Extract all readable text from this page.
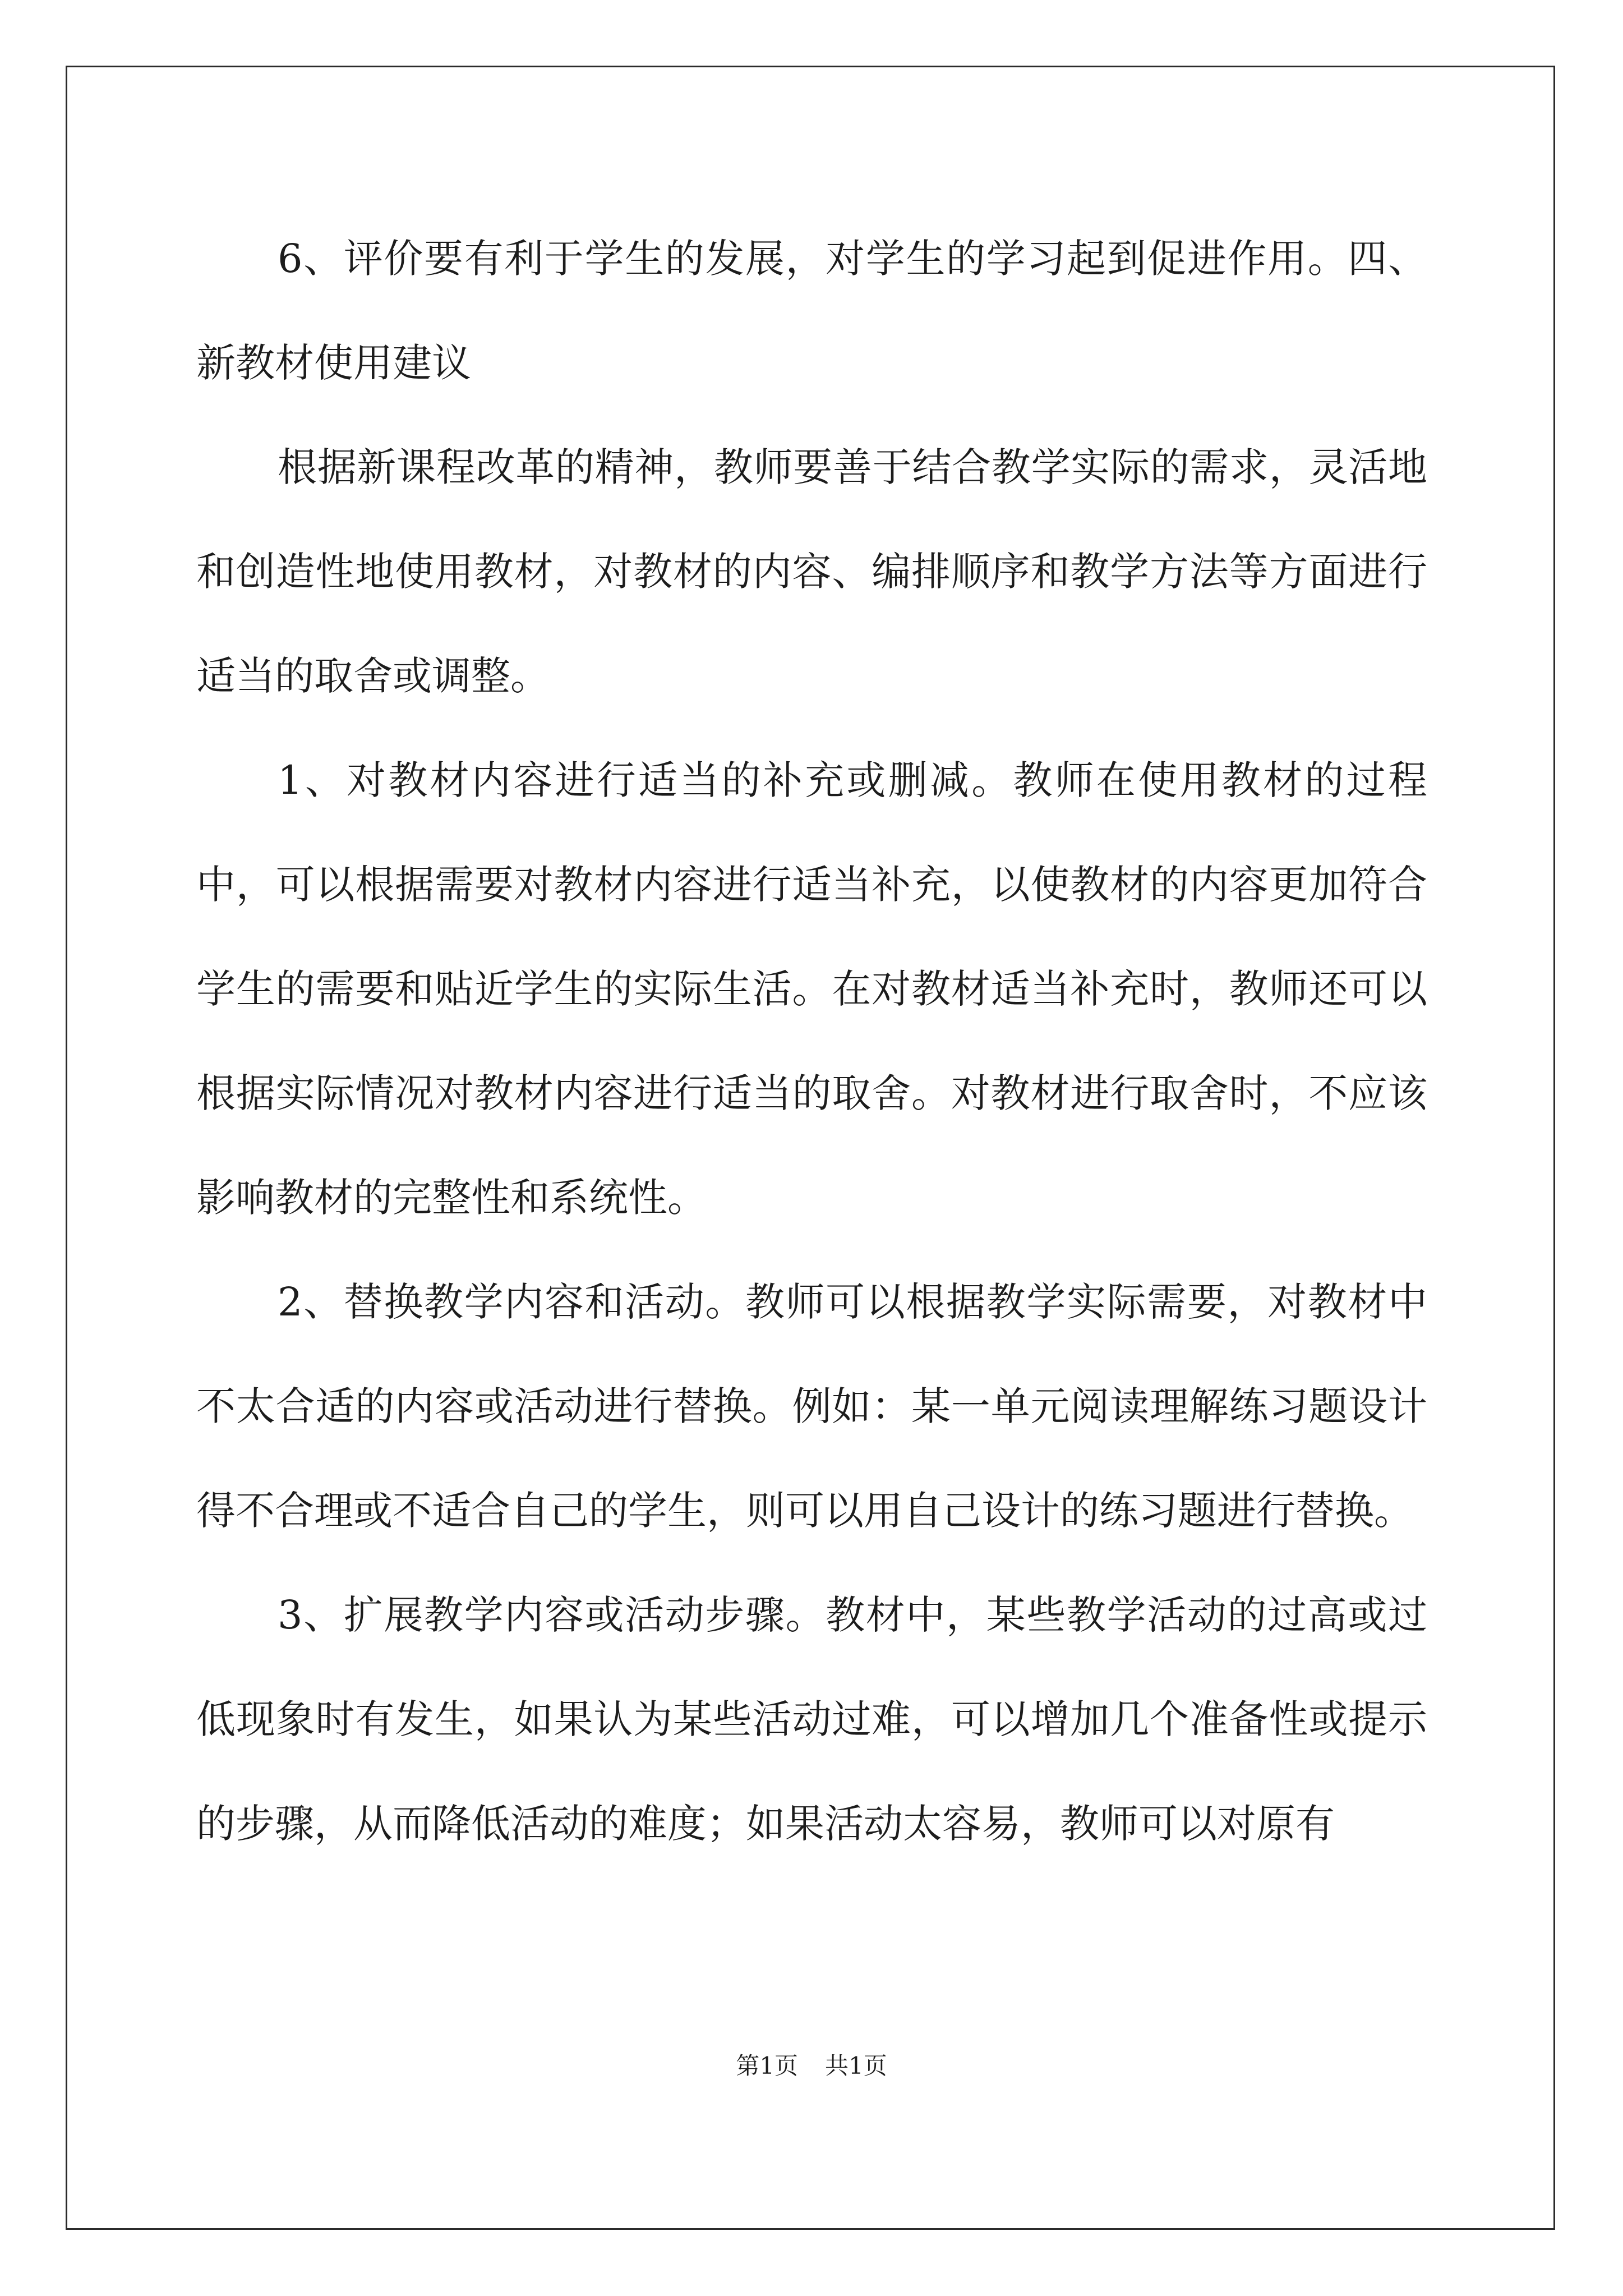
6、评价要有利于学生的发展，对学生的学习起到促进作用。四、新教材使用建议

根据新课程改革的精神，教师要善于结合教学实际的需求，灵活地和创造性地使用教材，对教材的内容、编排顺序和教学方法等方面进行适当的取舍或调整。

1、对教材内容进行适当的补充或删减。教师在使用教材的过程中，可以根据需要对教材内容进行适当补充，以使教材的内容更加符合学生的需要和贴近学生的实际生活。在对教材适当补充时，教师还可以根据实际情况对教材内容进行适当的取舍。对教材进行取舍时，不应该影响教材的完整性和系统性。

2、替换教学内容和活动。教师可以根据教学实际需要，对教材中不太合适的内容或活动进行替换。例如：某一单元阅读理解练习题设计得不合理或不适合自己的学生，则可以用自己设计的练习题进行替换。

3、扩展教学内容或活动步骤。教材中，某些教学活动的过高或过低现象时有发生，如果认为某些活动过难，可以增加几个准备性或提示的步骤，从而降低活动的难度；如果活动太容易，教师可以对原有

第1页 共1页
